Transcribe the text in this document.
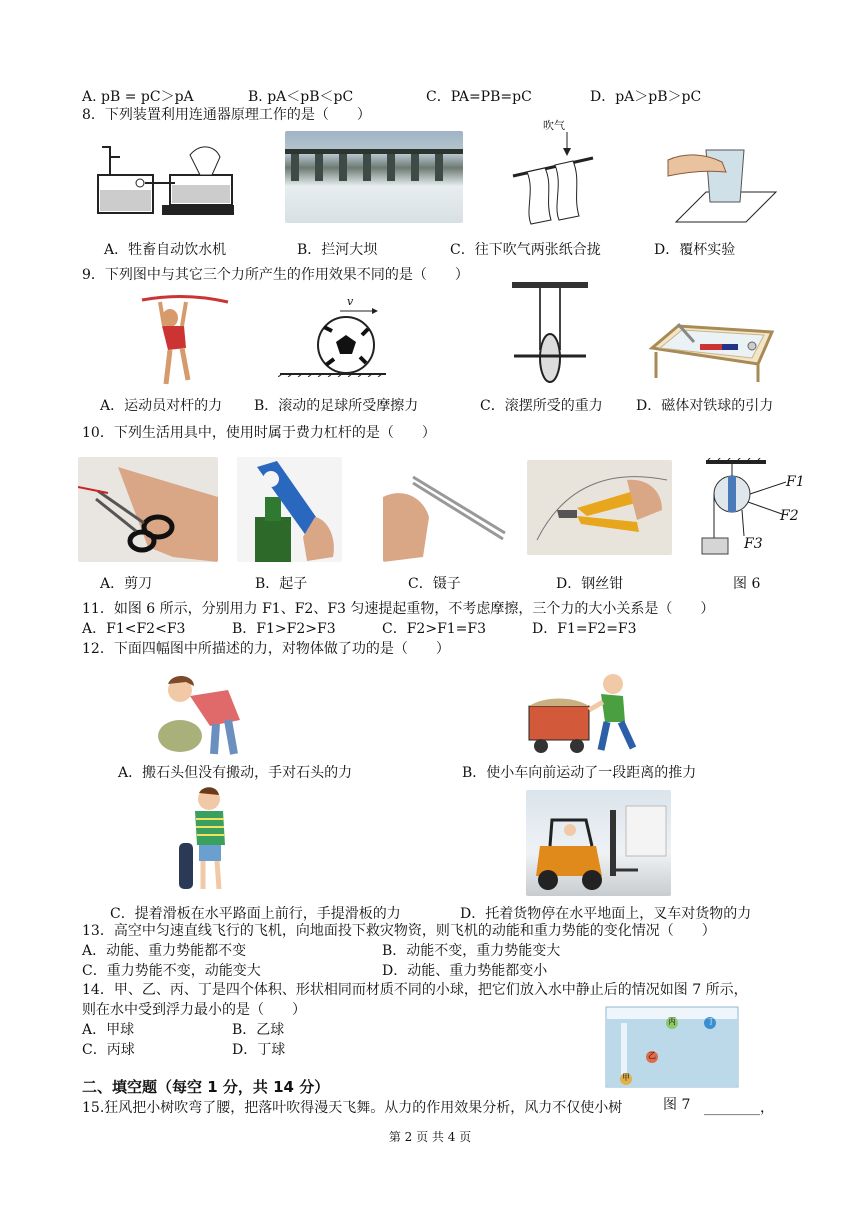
A. pB = pC＞pA	B. pA＜pB＜pC	C．PA=PB=pC	D．pA＞pB＞pC
8．下列装置利用连通器原理工作的是（　　）
吹气
A．牲畜自动饮水机	B．拦河大坝	C．往下吹气两张纸合拢	D．覆杯实验
9．下列图中与其它三个力所产生的作用效果不同的是（　　）
v
A．运动员对杆的力 B．滚动的足球所受摩擦力	C．滚摆所受的重力 D．磁体对铁球的引力
10．下列生活用具中，使用时属于费力杠杆的是（　　）
F1
F2
F3
A．剪刀	B．起子	C．镊子	D．钢丝钳	图 6
11．如图 6 所示，分别用力 F1、F2、F3 匀速提起重物，不考虑摩擦，三个力的大小关系是（　　）
A．F1<F2<F3	B．F1>F2>F3	C．F2>F1=F3	D．F1=F2=F3
12．下面四幅图中所描述的力，对物体做了功的是（　　）
A．搬石头但没有搬动，手对石头的力	B．使小车向前运动了一段距离的推力
C．提着滑板在水平路面上前行，手提滑板的力	D．托着货物停在水平地面上，叉车对货物的力
13．高空中匀速直线飞行的飞机，向地面投下救灾物资，则飞机的动能和重力势能的变化情况（　　）
A．动能、重力势能都不变	B．动能不变，重力势能变大
C．重力势能不变，动能变大	D．动能、重力势能都变小
14．甲、乙、丙、丁是四个体积、形状相同而材质不同的小球，把它们放入水中静止后的情况如图 7 所示，
则在水中受到浮力最小的是（　　）
A．甲球	B．乙球
C．丙球	D．丁球
丙	丁
乙
甲
图 7
二、填空题（每空 1 分，共 14 分）
15.狂风把小树吹弯了腰，把落叶吹得漫天飞舞。从力的作用效果分析，风力不仅使小树	________，
第 2 页 共 4 页
